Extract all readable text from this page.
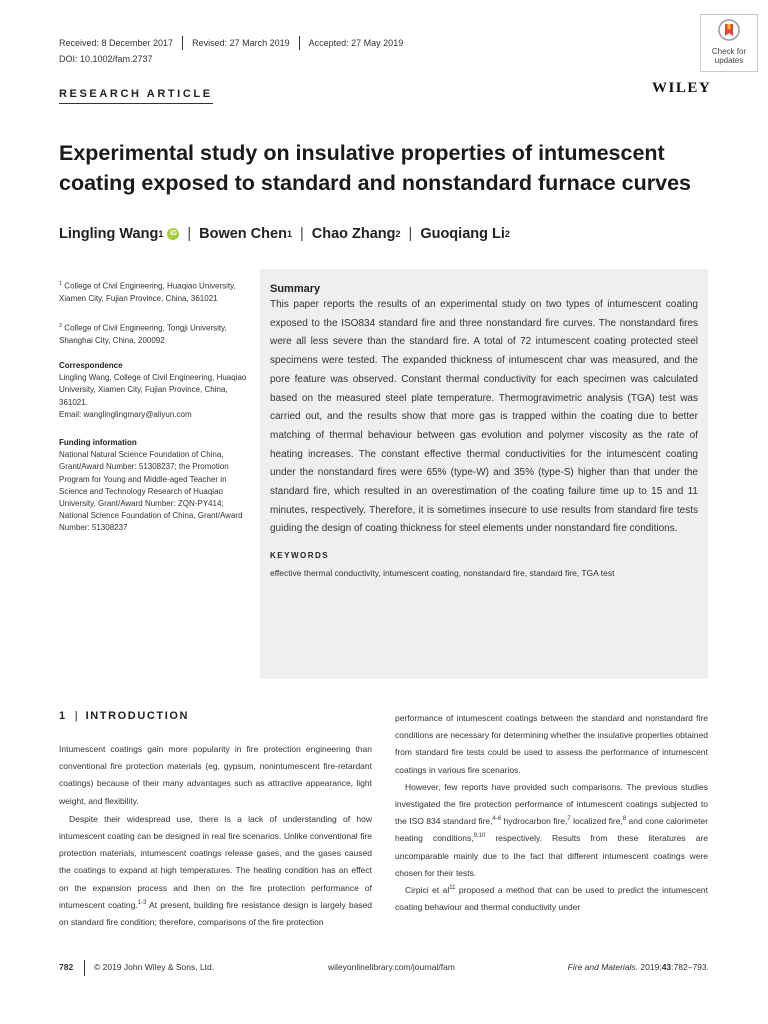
Received: 8 December 2017 Revised: 27 March 2019 Accepted: 27 May 2019
DOI: 10.1002/fam.2737
Check for
updates
RESEARCH ARTICLE	WILEY
Experimental study on insulative properties of intumescent
coating exposed to standard and nonstandard furnace curves
Lingling Wang 1 iD | Bowen Chen 1 | Chao Zhang 2 | Guoqiang Li 2
$^1$ College of Civil Engineering, Huaqiao University, Xiamen City, Fujian Province, China, 361021
$^2$ College of Civil Engineering, Tongji University, Shanghai City, China, 200092
Correspondence
Lingling Wang, College of Civil Engineering, Huaqiao University, Xiamen City, Fujian Province, China, 361021.
Email: wanglinglingmary@aliyun.com
Funding information
National Natural Science Foundation of China, Grant/Award Number: 51308237; the Promotion Program for Young and Middle-aged Teacher in Science and Technology Research of Huaqiao University, Grant/Award Number: ZQN-PY414; National Science Foundation of China, Grant/Award Number: 51308237
Summary
This paper reports the results of an experimental study on two types of intumescent coating exposed to the ISO834 standard fire and three nonstandard fire curves. The nonstandard fires were all less severe than the standard fire. A total of 72 intumescent coating protected steel specimens were tested. The expanded thickness of intumescent char was measured, and the pore feature was observed. Constant thermal conductivity for each specimen was calculated based on the measured steel plate temperature. Thermogravimetric analysis (TGA) test was carried out, and the results show that more gas is trapped within the coating due to better matching of thermal behaviour between gas evolution and polymer viscosity as the rate of heating increases. The constant effective thermal conductivities for the intumescent coating under the nonstandard fires were 65% (type-W) and 35% (type-S) higher than that under the standard fire, which resulted in an overestimation of the coating failure time up to 15 and 11 minutes, respectively. Therefore, it is sometimes insecure to use results from standard fire tests guiding the design of coating thickness for steel elements under nonstandard fire conditions.
KEYWORDS
effective thermal conductivity, intumescent coating, nonstandard fire, standard fire, TGA test
1 | INTRODUCTION

Intumescent coatings gain more popularity in fire protection engineering than conventional fire protection materials (eg, gypsum, nonintumescent fire-retardant coatings) because of their many advantages such as attractive appearance, light weight, and flexibility.

Despite their widespread use, there is a lack of understanding of how intumescent coating can be designed in real fire scenarios. Unlike conventional fire protection materials, intumescent coatings release gases, and the gases caused the coatings to expand at high temperatures. The heating condition has an effect on the expansion process and then on the fire protection performance of intumescent coating.$^{1-3}$ At present, building fire resistance design is largely based on standard fire condition; therefore, comparisons of the fire protection

performance of intumescent coatings between the standard and nonstandard fire conditions are necessary for determining whether the insulative properties obtained from standard fire tests could be used to assess the performance of intumescent coatings in various fire scenarios.

However, few reports have provided such comparisons. The previous studies investigated the fire protection performance of intumescent coatings subjected to the ISO 834 standard fire,$^{4-6}$ hydrocarbon fire,$^7$ localized fire,$^8$ and cone calorimeter heating conditions,$^{9,10}$ respectively. Results from these literatures are uncomparable mainly due to the fact that different intumescent coatings were chosen for their tests.

Cirpici et $al^{11}$ proposed a method that can be used to predict the intumescent coating behaviour and thermal conductivity under

782 © 2019 John Wiley & Sons, Ltd.	wileyonlinelibrary.com/journal/fam	Fire and Materials. 2019;43:782–793.
